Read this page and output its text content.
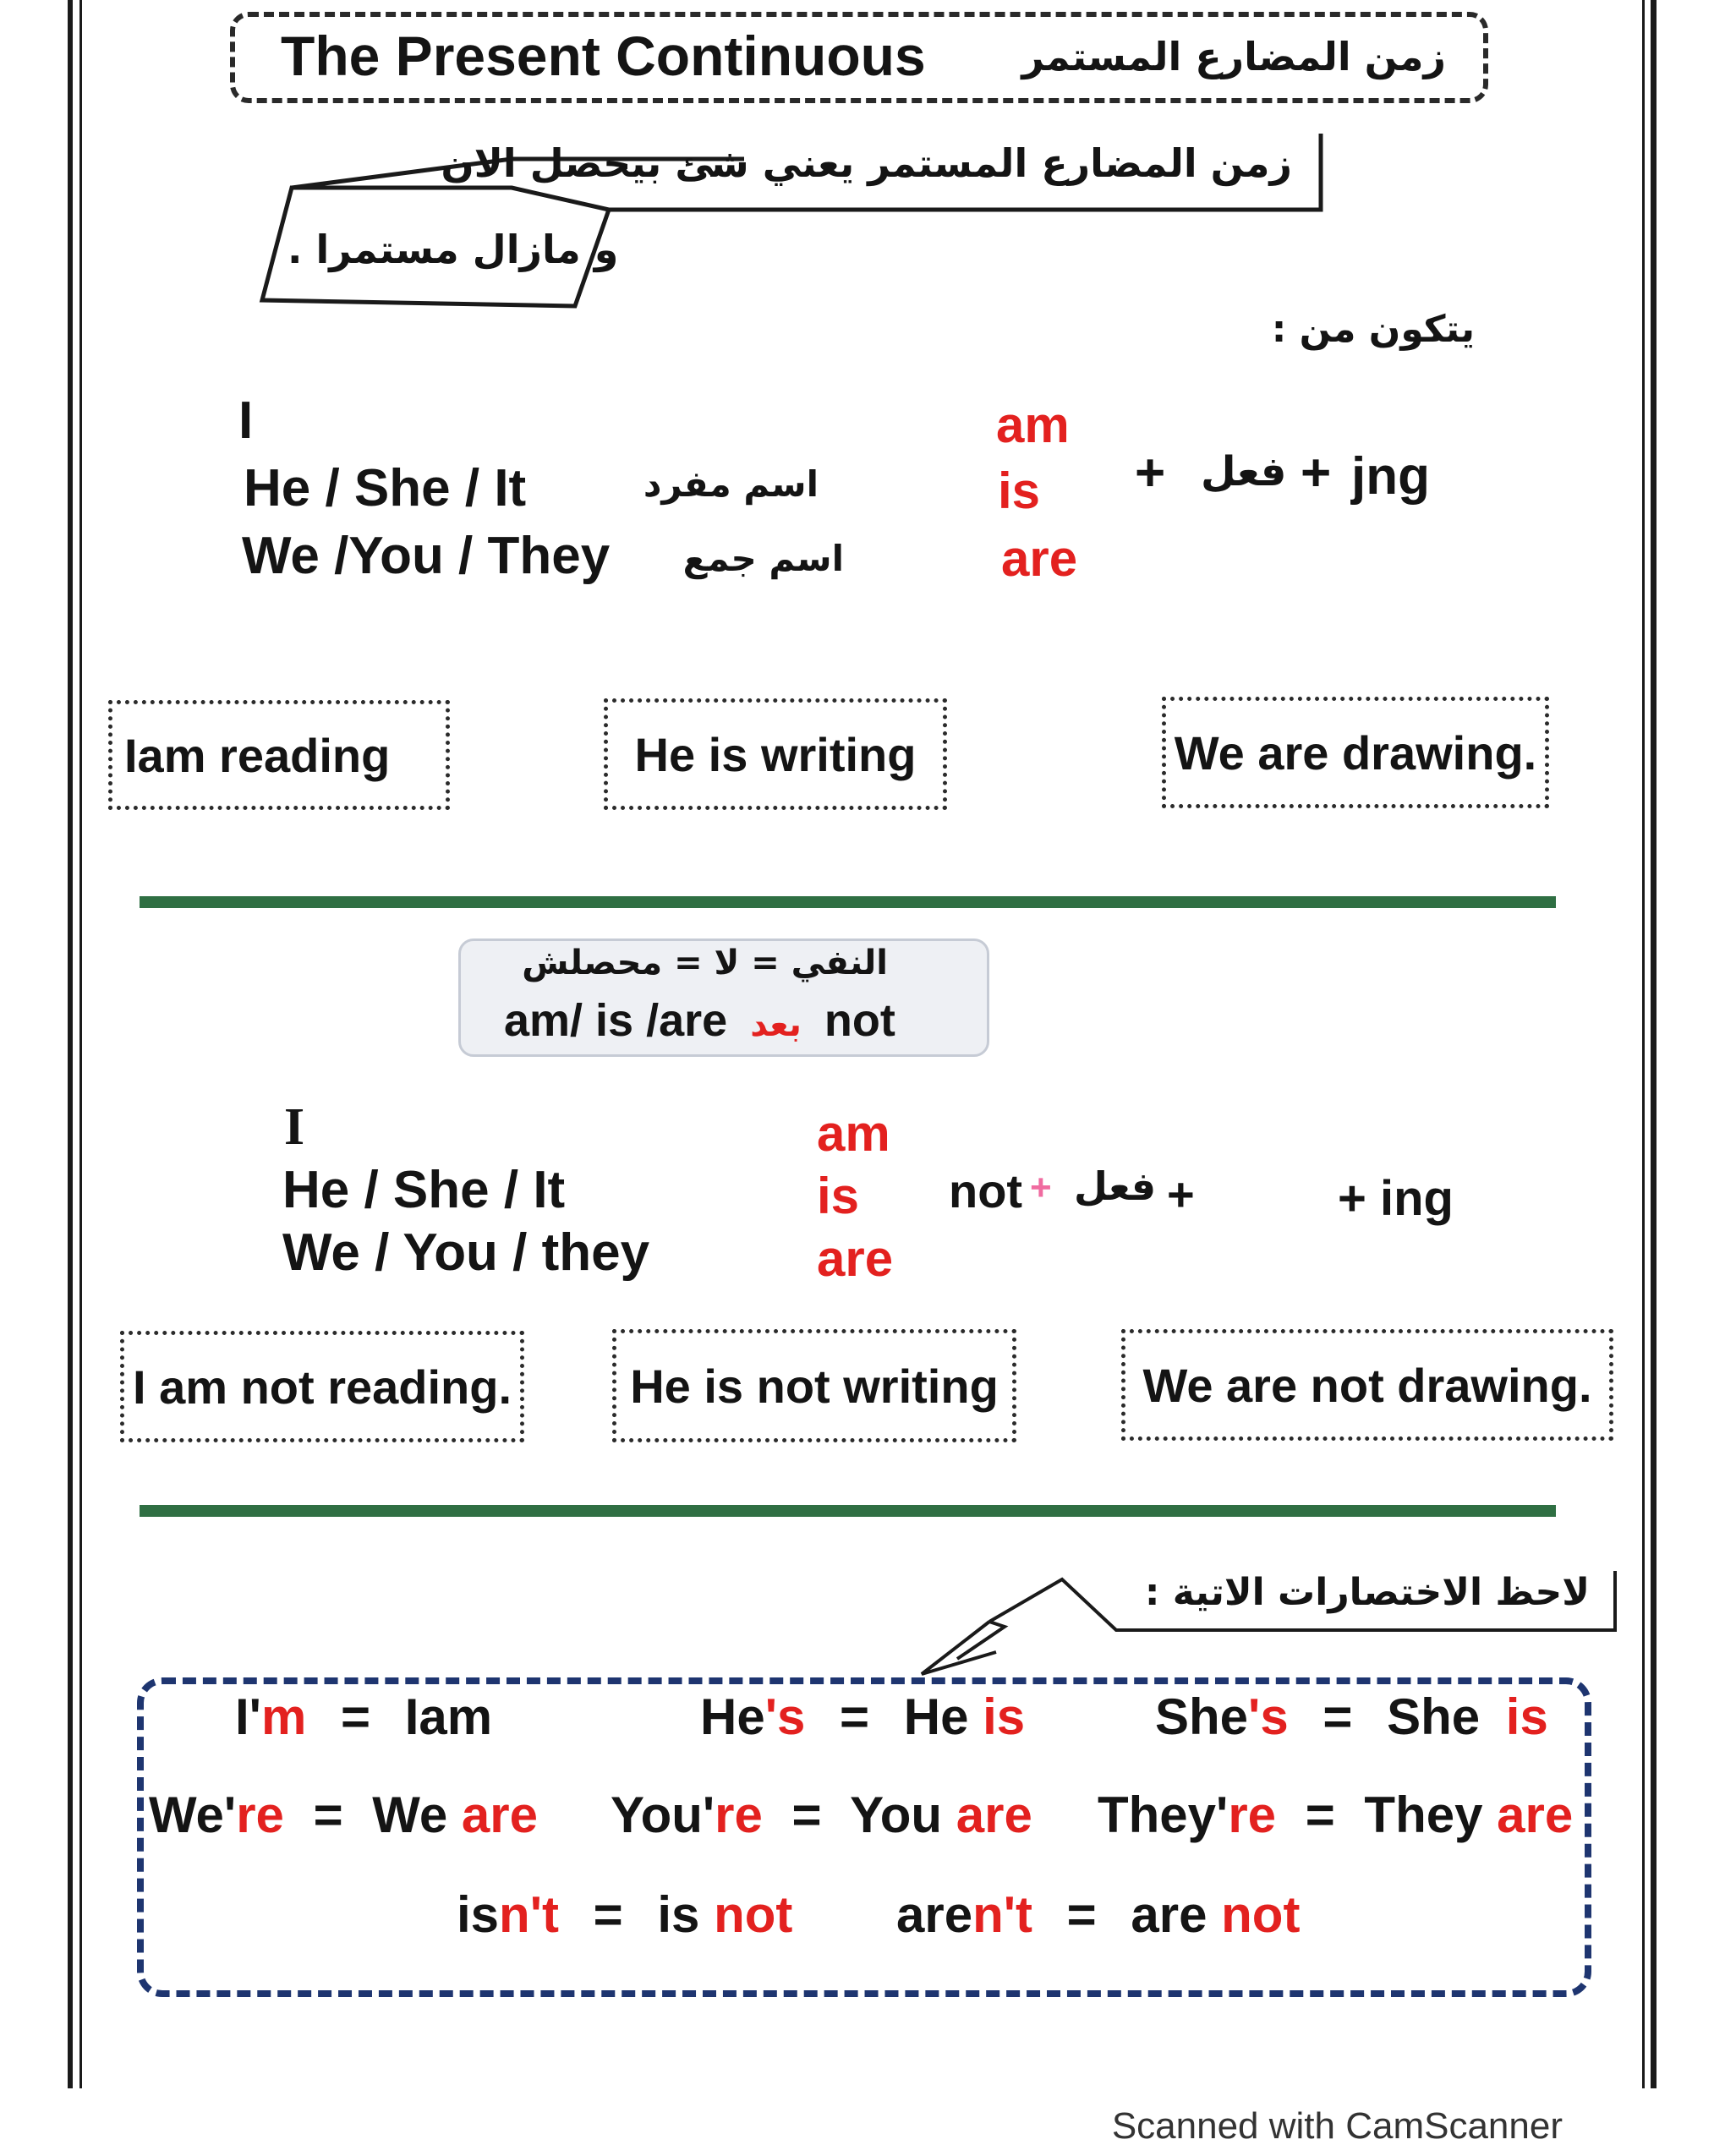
The Present Continuous زمن المضارع المستمر
زمن المضارع المستمر يعني شئ بيحصل الان
و مازال مستمرا .
يتكون من :
I
He / She / It
We /You / They
اسم مفرد
اسم جمع
am
is
are
+ فعل + jng
Iam reading	He is writing	We are drawing.
النفي = لا = محصلش
am/ is /are بعد not
I
He / She / It
We / You / they
am
is
are
not + فعل +	+ ing
I am not reading.	He is not writing	We are not drawing.
لاحظ الاختصارات الاتية :
I'm = Iam	He's = He is	She's = She is
We're = We are You're = You are They're = They are
isn't = is not aren't = are not
Scanned with CamScanner
